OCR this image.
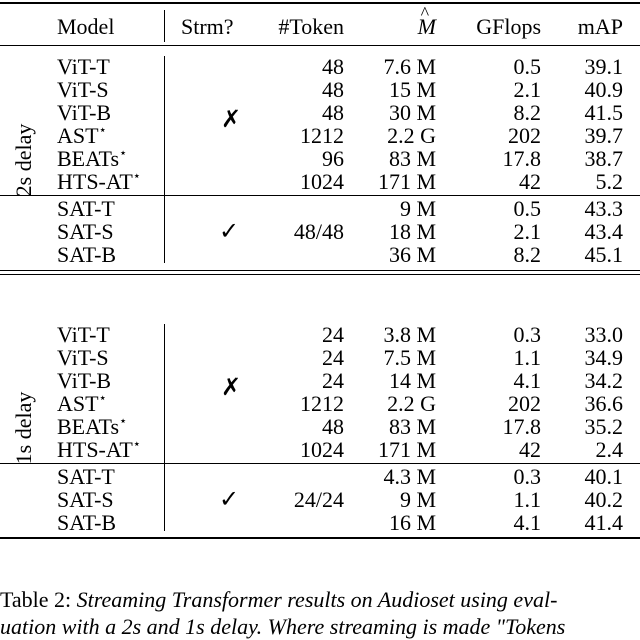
Model	Strm?	#Token
^	M	GFlops	mAP
ViT-T	48	7.6 M	0.5	39.1
ViT-S	48	15 M	2.1	40.9
ViT-B	48	30 M	8.2	41.5
AST⋆	1212	2.2 G	202	39.7
BEATs⋆	96	83 M	17.8	38.7
HTS-AT⋆	1024	171 M	42	5.2
✗
SAT-T	9 M	0.5	43.3
SAT-S	18 M	2.1	43.4
SAT-B	36 M	8.2	45.1
48/48
✓
2s delay
ViT-T	24	3.8 M	0.3	33.0
ViT-S	24	7.5 M	1.1	34.9
ViT-B	24	14 M	4.1	34.2
AST⋆	1212	2.2 G	202	36.6
BEATs⋆	48	83 M	17.8	35.2
HTS-AT⋆	1024	171 M	42	2.4
✗
SAT-T	4.3 M	0.3	40.1
SAT-S	9 M	1.1	40.2
SAT-B	16 M	4.1	41.4
24/24
✓
1s delay
Table 2: Streaming Transformer results on Audioset using eval-
uation with a 2s and 1s delay. Where streaming is made "Tokens
